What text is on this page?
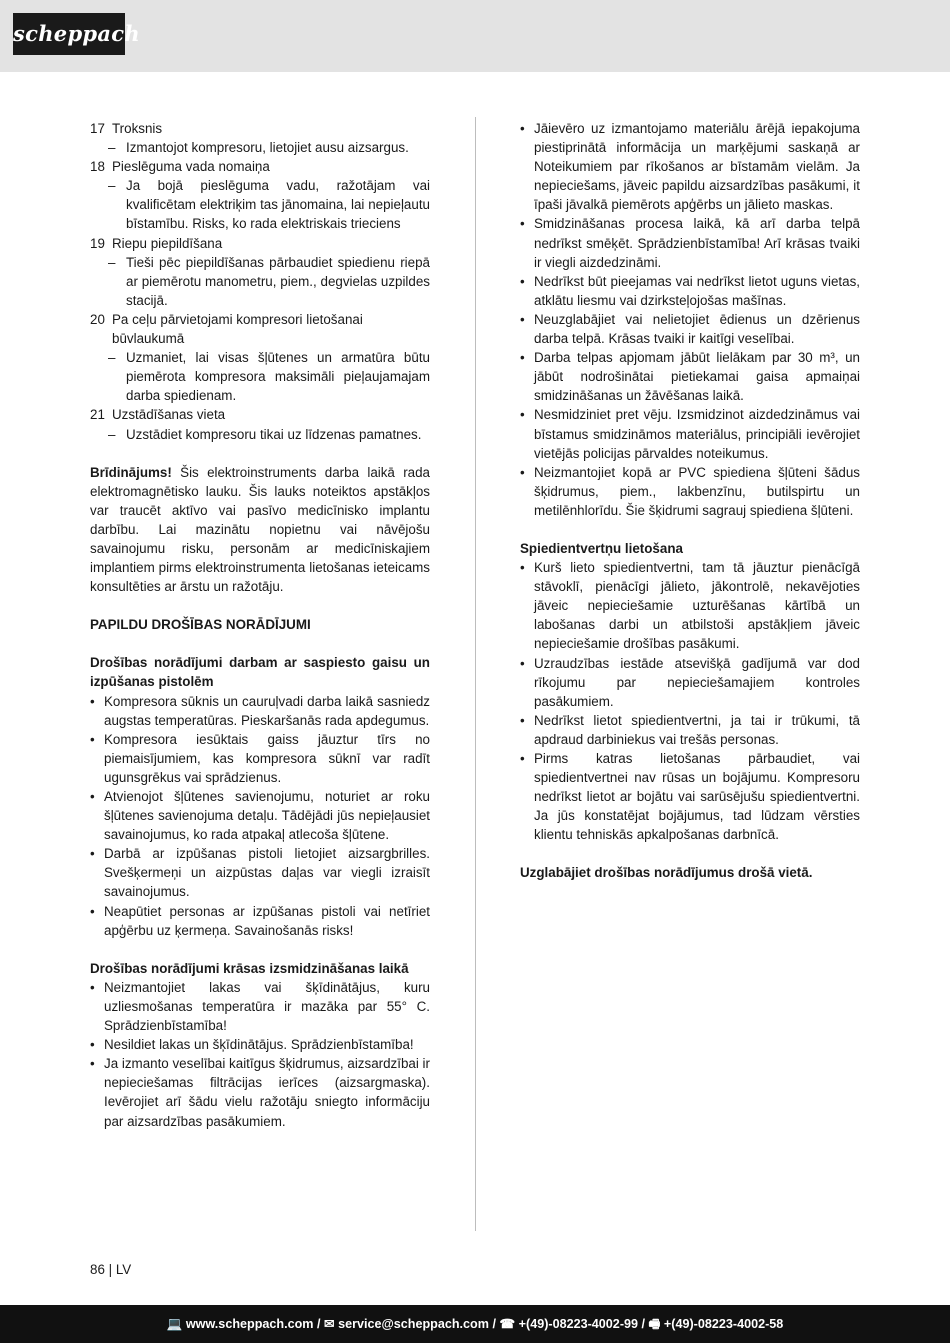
scheppach
17 Troksnis
– Izmantojot kompresoru, lietojiet ausu aizsargus.
18 Pieslēguma vada nomaiņa
– Ja bojā pieslēguma vadu, ražotājam vai kvalificētam elektriķim tas jānomaina, lai nepieļautu bīstamību. Risks, ko rada elektriskais trieciens
19 Riepu piepildīšana
– Tieši pēc piepildīšanas pārbaudiet spiedienu riepā ar piemērotu manometru, piem., degvielas uzpildes stacijā.
20 Pa ceļu pārvietojami kompresori lietošanai būvlaukumā
– Uzmaniet, lai visas šļūtenes un armatūra būtu piemērota kompresora maksimāli pieļaujamajam darba spiedienam.
21 Uzstādīšanas vieta
– Uzstādiet kompresoru tikai uz līdzenas pamatnes.

Brīdinājums! Šis elektroinstruments darba laikā rada elektromagnētisko lauku. Šis lauks noteiktos apstākļos var traucēt aktīvo vai pasīvo medicīnisko implantu darbību. Lai mazinātu nopietnu vai nāvējošu savainojumu risku, personām ar medicīniskajiem implantiem pirms elektroinstrumenta lietošanas ieteicams konsultēties ar ārstu un ražotāju.

PAPILDU DROŠĪBAS NORĀDĪJUMI

Drošības norādījumi darbam ar saspiesto gaisu un izpūšanas pistolēm

• Kompresora sūknis un cauruļvadi darba laikā sasniedz augstas temperatūras. Pieskaršanās rada apdegumus.
• Kompresora iesūktais gaiss jāuztur tīrs no piemaisījumiem, kas kompresora sūknī var radīt ugunsgrēkus vai sprādzienus.
• Atvienojot šļūtenes savienojumu, noturiet ar roku šļūtenes savienojuma detaļu. Tādējādi jūs nepieļausiet savainojumus, ko rada atpakaļ atlecoša šļūtene.
• Darbā ar izpūšanas pistoli lietojiet aizsargbrilles. Svešķermeņi un aizpūstas daļas var viegli izraisīt savainojumus.
• Neapūtiet personas ar izpūšanas pistoli vai netīriet apģērbu uz ķermeņa. Savainošanās risks!

Drošības norādījumi krāsas izsmidzināšanas laikā

• Neizmantojiet lakas vai šķīdinātājus, kuru uzliesmošanas temperatūra ir mazāka par 55° C. Sprādzienbīstamība!
• Nesildiet lakas un šķīdinātājus. Sprādzienbīstamība!
• Ja izmanto veselībai kaitīgus šķidrumus, aizsardzībai ir nepieciešamas filtrācijas ierīces (aizsargmaska). Ievērojiet arī šādu vielu ražotāju sniegto informāciju par aizsardzības pasākumiem.
• Jāievēro uz izmantojamo materiālu ārējā iepakojuma piestiprinātā informācija un marķējumi saskaņā ar Noteikumiem par rīkošanos ar bīstamām vielām. Ja nepieciešams, jāveic papildu aizsardzības pasākumi, it īpaši jāvalkā piemērots apģērbs un jālieto maskas.
• Smidzināšanas procesa laikā, kā arī darba telpā nedrīkst smēķēt. Sprādzienbīstamība! Arī krāsas tvaiki ir viegli aizdedzināmi.
• Nedrīkst būt pieejamas vai nedrīkst lietot uguns vietas, atklātu liesmu vai dzirksteļojošas mašīnas.
• Neuzglabājiet vai nelietojiet ēdienus un dzērienus darba telpā. Krāsas tvaiki ir kaitīgi veselībai.
• Darba telpas apjomam jābūt lielākam par 30 m³, un jābūt nodrošinātai pietiekamai gaisa apmaiņai smidzināšanas un žāvēšanas laikā.
• Nesmidziniet pret vēju. Izsmidzinot aizdedzināmus vai bīstamus smidzināmos materiālus, principiāli ievērojiet vietējās policijas pārvaldes noteikumus.
• Neizmantojiet kopā ar PVC spiediena šļūteni šādus šķidrumus, piem., lakbenzīnu, butilspirtu un metilēnhlorīdu. Šie šķidrumi sagrauj spiediena šļūteni.

Spiedientvertņu lietošana

• Kurš lieto spiedientvertni, tam tā jāuztur pienācīgā stāvoklī, pienācīgi jālieto, jākontrolē, nekavējoties jāveic nepieciešamie uzturēšanas kārtībā un labošanas darbi un atbilstoši apstākļiem jāveic nepieciešamie drošības pasākumi.
• Uzraudzības iestāde atsevišķā gadījumā var dod rīkojumu par nepieciešamajiem kontroles pasākumiem.
• Nedrīkst lietot spiedientvertni, ja tai ir trūkumi, tā apdraud darbiniekus vai trešās personas.
• Pirms katras lietošanas pārbaudiet, vai spiedientvertnei nav rūsas un bojājumu. Kompresoru nedrīkst lietot ar bojātu vai sarūsējušu spiedientvertni. Ja jūs konstatējat bojājumus, tad lūdzam vērsties klientu tehniskās apkalpošanas darbnīcā.

Uzglabājiet drošības norādījumus drošā vietā.

86 | LV
💻 www.scheppach.com / ✉ service@scheppach.com / ☎ +(49)-08223-4002-99 / 🖷 +(49)-08223-4002-58
